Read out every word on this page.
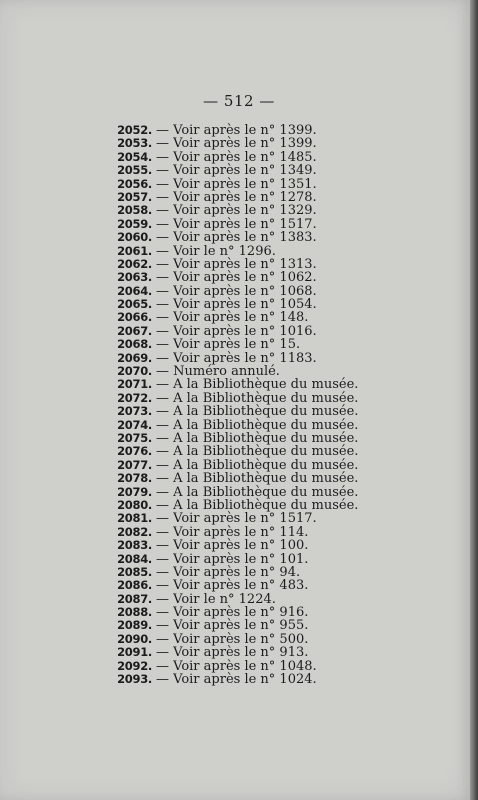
— 512 —
2052. — Voir après le n° 1399.
2053. — Voir après le n° 1399.
2054. — Voir après le n° 1485.
2055. — Voir après le n° 1349.
2056. — Voir après le n° 1351.
2057. — Voir après le n° 1278.
2058. — Voir après le n° 1329.
2059. — Voir après le n° 1517.
2060. — Voir après le n° 1383.
2061. — Voir le n° 1296.
2062. — Voir après le n° 1313.
2063. — Voir après le n° 1062.
2064. — Voir après le n° 1068.
2065. — Voir après le n° 1054.
2066. — Voir après le n° 148.
2067. — Voir après le n° 1016.
2068. — Voir après le n° 15.
2069. — Voir après le n° 1183.
2070. — Numéro annulé.
2071. — A la Bibliothèque du musée.
2072. — A la Bibliothèque du musée.
2073. — A la Bibliothèque du musée.
2074. — A la Bibliothèque du musée.
2075. — A la Bibliothèque du musée.
2076. — A la Bibliothèque du musée.
2077. — A la Bibliothèque du musée.
2078. — A la Bibliothèque du musée.
2079. — A la Bibliothèque du musée.
2080. — A la Bibliothèque du musée.
2081. — Voir après le n° 1517.
2082. — Voir après le n° 114.
2083. — Voir après le n° 100.
2084. — Voir après le n° 101.
2085. — Voir après le n° 94.
2086. — Voir après le n° 483.
2087. — Voir le n° 1224.
2088. — Voir après le n° 916.
2089. — Voir après le n° 955.
2090. — Voir après le n° 500.
2091. — Voir après le n° 913.
2092. — Voir après le n° 1048.
2093. — Voir après le n° 1024.
